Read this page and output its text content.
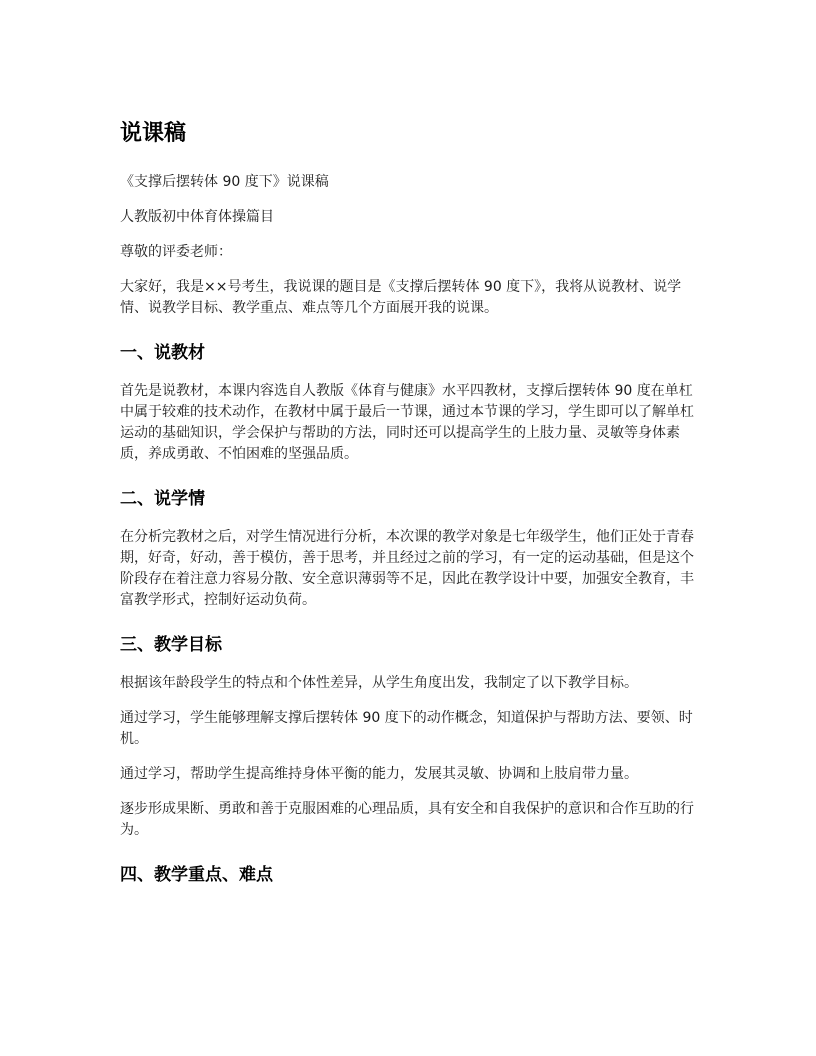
说课稿
《支撑后摆转体 90 度下》说课稿
人教版初中体育体操篇目
尊敬的评委老师：
大家好，我是××号考生，我说课的题目是《支撑后摆转体 90 度下》，我将从说教材、说学情、说教学目标、教学重点、难点等几个方面展开我的说课。
一、说教材
首先是说教材，本课内容选自人教版《体育与健康》水平四教材，支撑后摆转体 90 度在单杠中属于较难的技术动作，在教材中属于最后一节课，通过本节课的学习，学生即可以了解单杠运动的基础知识，学会保护与帮助的方法，同时还可以提高学生的上肢力量、灵敏等身体素质，养成勇敢、不怕困难的坚强品质。
二、说学情
在分析完教材之后，对学生情况进行分析，本次课的教学对象是七年级学生，他们正处于青春期，好奇，好动，善于模仿，善于思考，并且经过之前的学习，有一定的运动基础，但是这个阶段存在着注意力容易分散、安全意识薄弱等不足，因此在教学设计中要，加强安全教育，丰富教学形式，控制好运动负荷。
三、教学目标
根据该年龄段学生的特点和个体性差异，从学生角度出发，我制定了以下教学目标。
通过学习，学生能够理解支撑后摆转体 90 度下的动作概念，知道保护与帮助方法、要领、时机。
通过学习，帮助学生提高维持身体平衡的能力，发展其灵敏、协调和上肢肩带力量。
逐步形成果断、勇敢和善于克服困难的心理品质，具有安全和自我保护的意识和合作互助的行为。
四、教学重点、难点
